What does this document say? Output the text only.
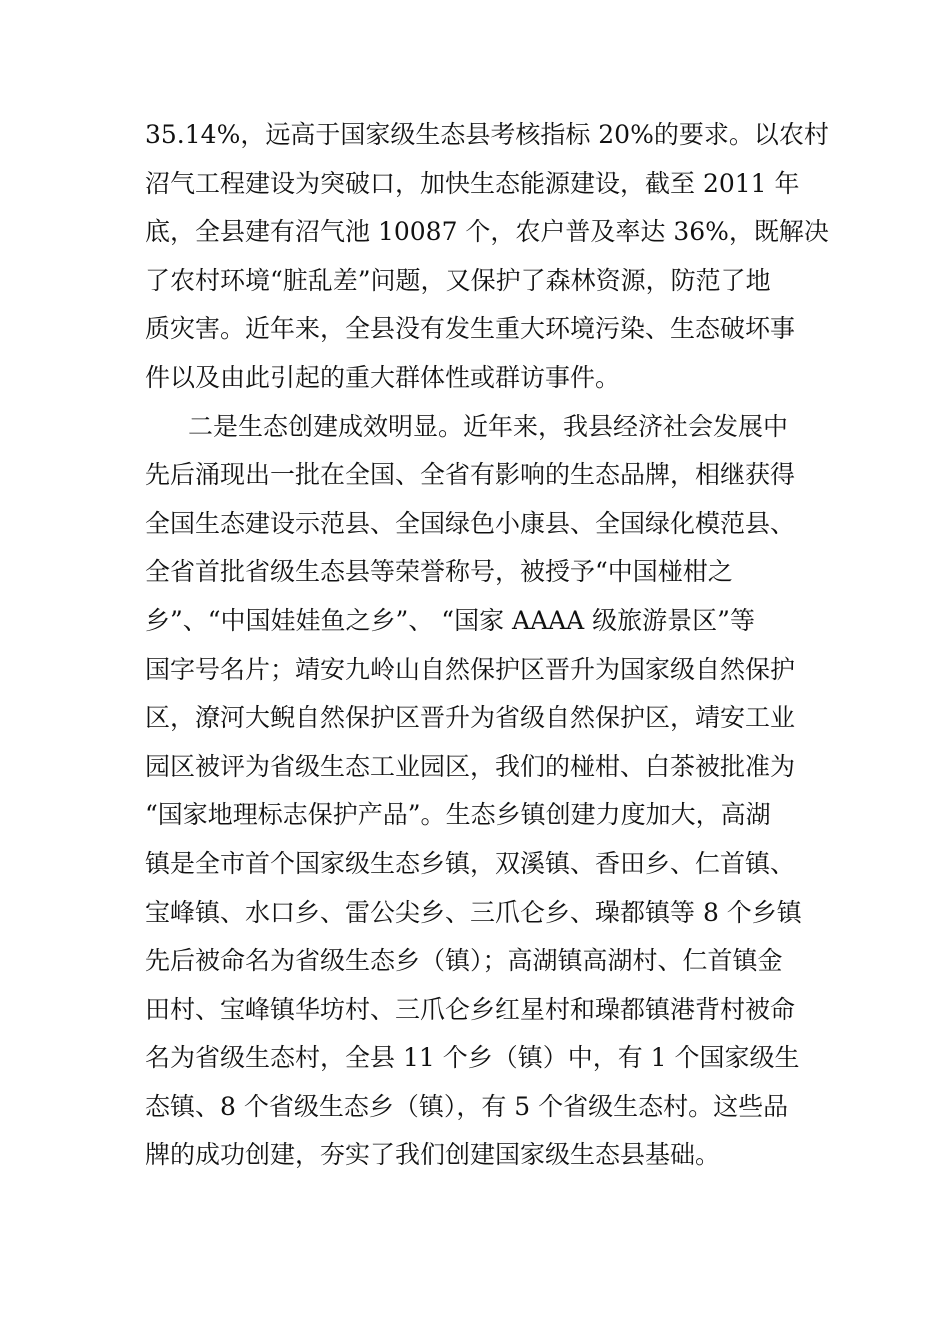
35.14%，远高于国家级生态县考核指标 20%的要求。以农村
沼气工程建设为突破口，加快生态能源建设，截至 2011 年
底，全县建有沼气池 10087 个，农户普及率达 36%，既解决
了农村环境“脏乱差”问题，又保护了森林资源，防范了地
质灾害。近年来，全县没有发生重大环境污染、生态破坏事
件以及由此引起的重大群体性或群访事件。
二是生态创建成效明显。近年来，我县经济社会发展中
先后涌现出一批在全国、全省有影响的生态品牌，相继获得
全国生态建设示范县、全国绿色小康县、全国绿化模范县、
全省首批省级生态县等荣誉称号，被授予“中国椪柑之
乡”、“中国娃娃鱼之乡”、 “国家 AAAA 级旅游景区”等
国字号名片；靖安九岭山自然保护区晋升为国家级自然保护
区，潦河大鲵自然保护区晋升为省级自然保护区，靖安工业
园区被评为省级生态工业园区，我们的椪柑、白茶被批准为
“国家地理标志保护产品”。生态乡镇创建力度加大，高湖
镇是全市首个国家级生态乡镇，双溪镇、香田乡、仁首镇、
宝峰镇、水口乡、雷公尖乡、三爪仑乡、璪都镇等 8 个乡镇
先后被命名为省级生态乡（镇）；高湖镇高湖村、仁首镇金
田村、宝峰镇华坊村、三爪仑乡红星村和璪都镇港背村被命
名为省级生态村，全县 11 个乡（镇）中，有 1 个国家级生
态镇、8 个省级生态乡（镇），有 5 个省级生态村。这些品
牌的成功创建，夯实了我们创建国家级生态县基础。
